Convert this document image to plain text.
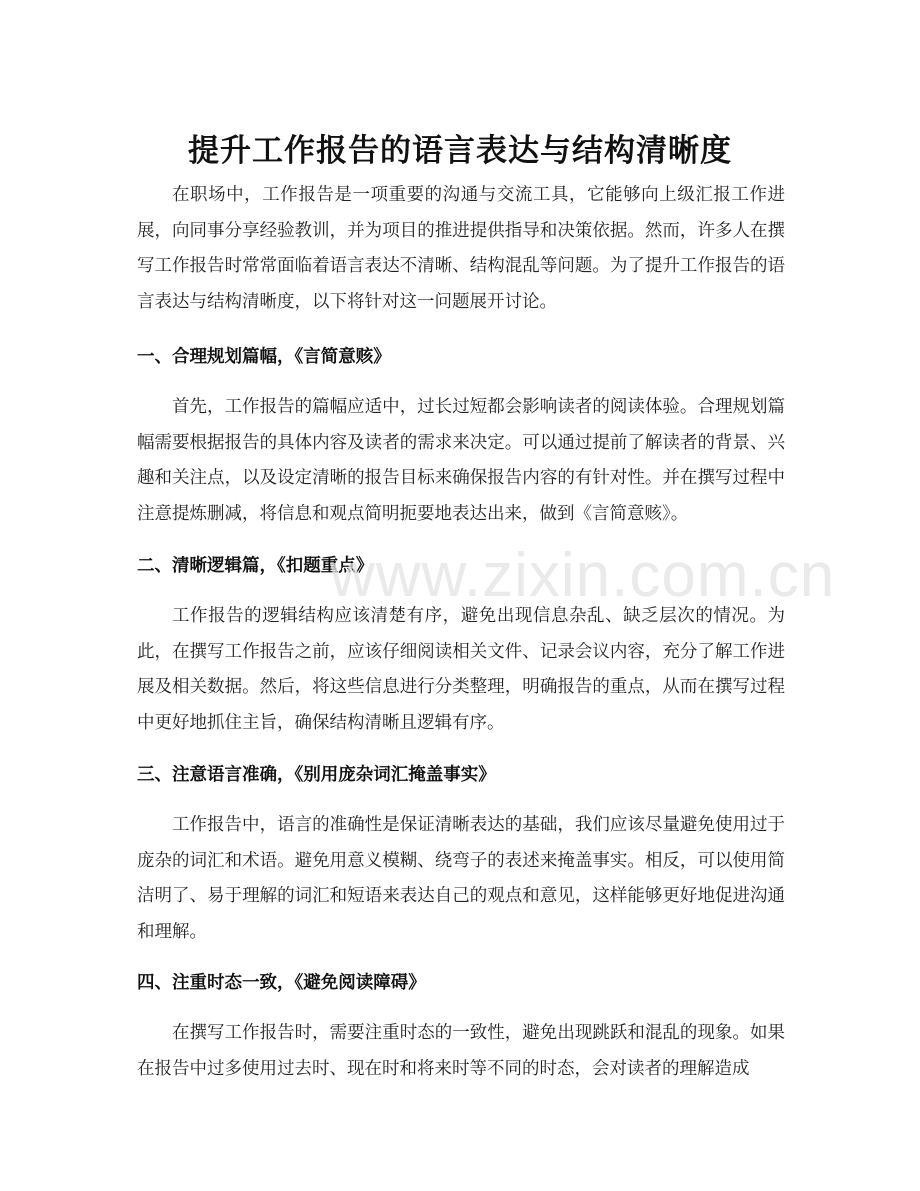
提升工作报告的语言表达与结构清晰度

在职场中，工作报告是一项重要的沟通与交流工具，它能够向上级汇报工作进展，向同事分享经验教训，并为项目的推进提供指导和决策依据。然而，许多人在撰写工作报告时常常面临着语言表达不清晰、结构混乱等问题。为了提升工作报告的语言表达与结构清晰度，以下将针对这一问题展开讨论。

一、合理规划篇幅，《言简意赅》

首先，工作报告的篇幅应适中，过长过短都会影响读者的阅读体验。合理规划篇幅需要根据报告的具体内容及读者的需求来决定。可以通过提前了解读者的背景、兴趣和关注点，以及设定清晰的报告目标来确保报告内容的有针对性。并在撰写过程中注意提炼删减，将信息和观点简明扼要地表达出来，做到《言简意赅》。

二、清晰逻辑篇，《扣题重点》

工作报告的逻辑结构应该清楚有序，避免出现信息杂乱、缺乏层次的情况。为此，在撰写工作报告之前，应该仔细阅读相关文件、记录会议内容，充分了解工作进展及相关数据。然后，将这些信息进行分类整理，明确报告的重点，从而在撰写过程中更好地抓住主旨，确保结构清晰且逻辑有序。

三、注意语言准确，《别用庞杂词汇掩盖事实》

工作报告中，语言的准确性是保证清晰表达的基础，我们应该尽量避免使用过于庞杂的词汇和术语。避免用意义模糊、绕弯子的表述来掩盖事实。相反，可以使用简洁明了、易于理解的词汇和短语来表达自己的观点和意见，这样能够更好地促进沟通和理解。

四、注重时态一致，《避免阅读障碍》

在撰写工作报告时，需要注重时态的一致性，避免出现跳跃和混乱的现象。如果在报告中过多使用过去时、现在时和将来时等不同的时态，会对读者的理解造成

www.zixin.com.cn
